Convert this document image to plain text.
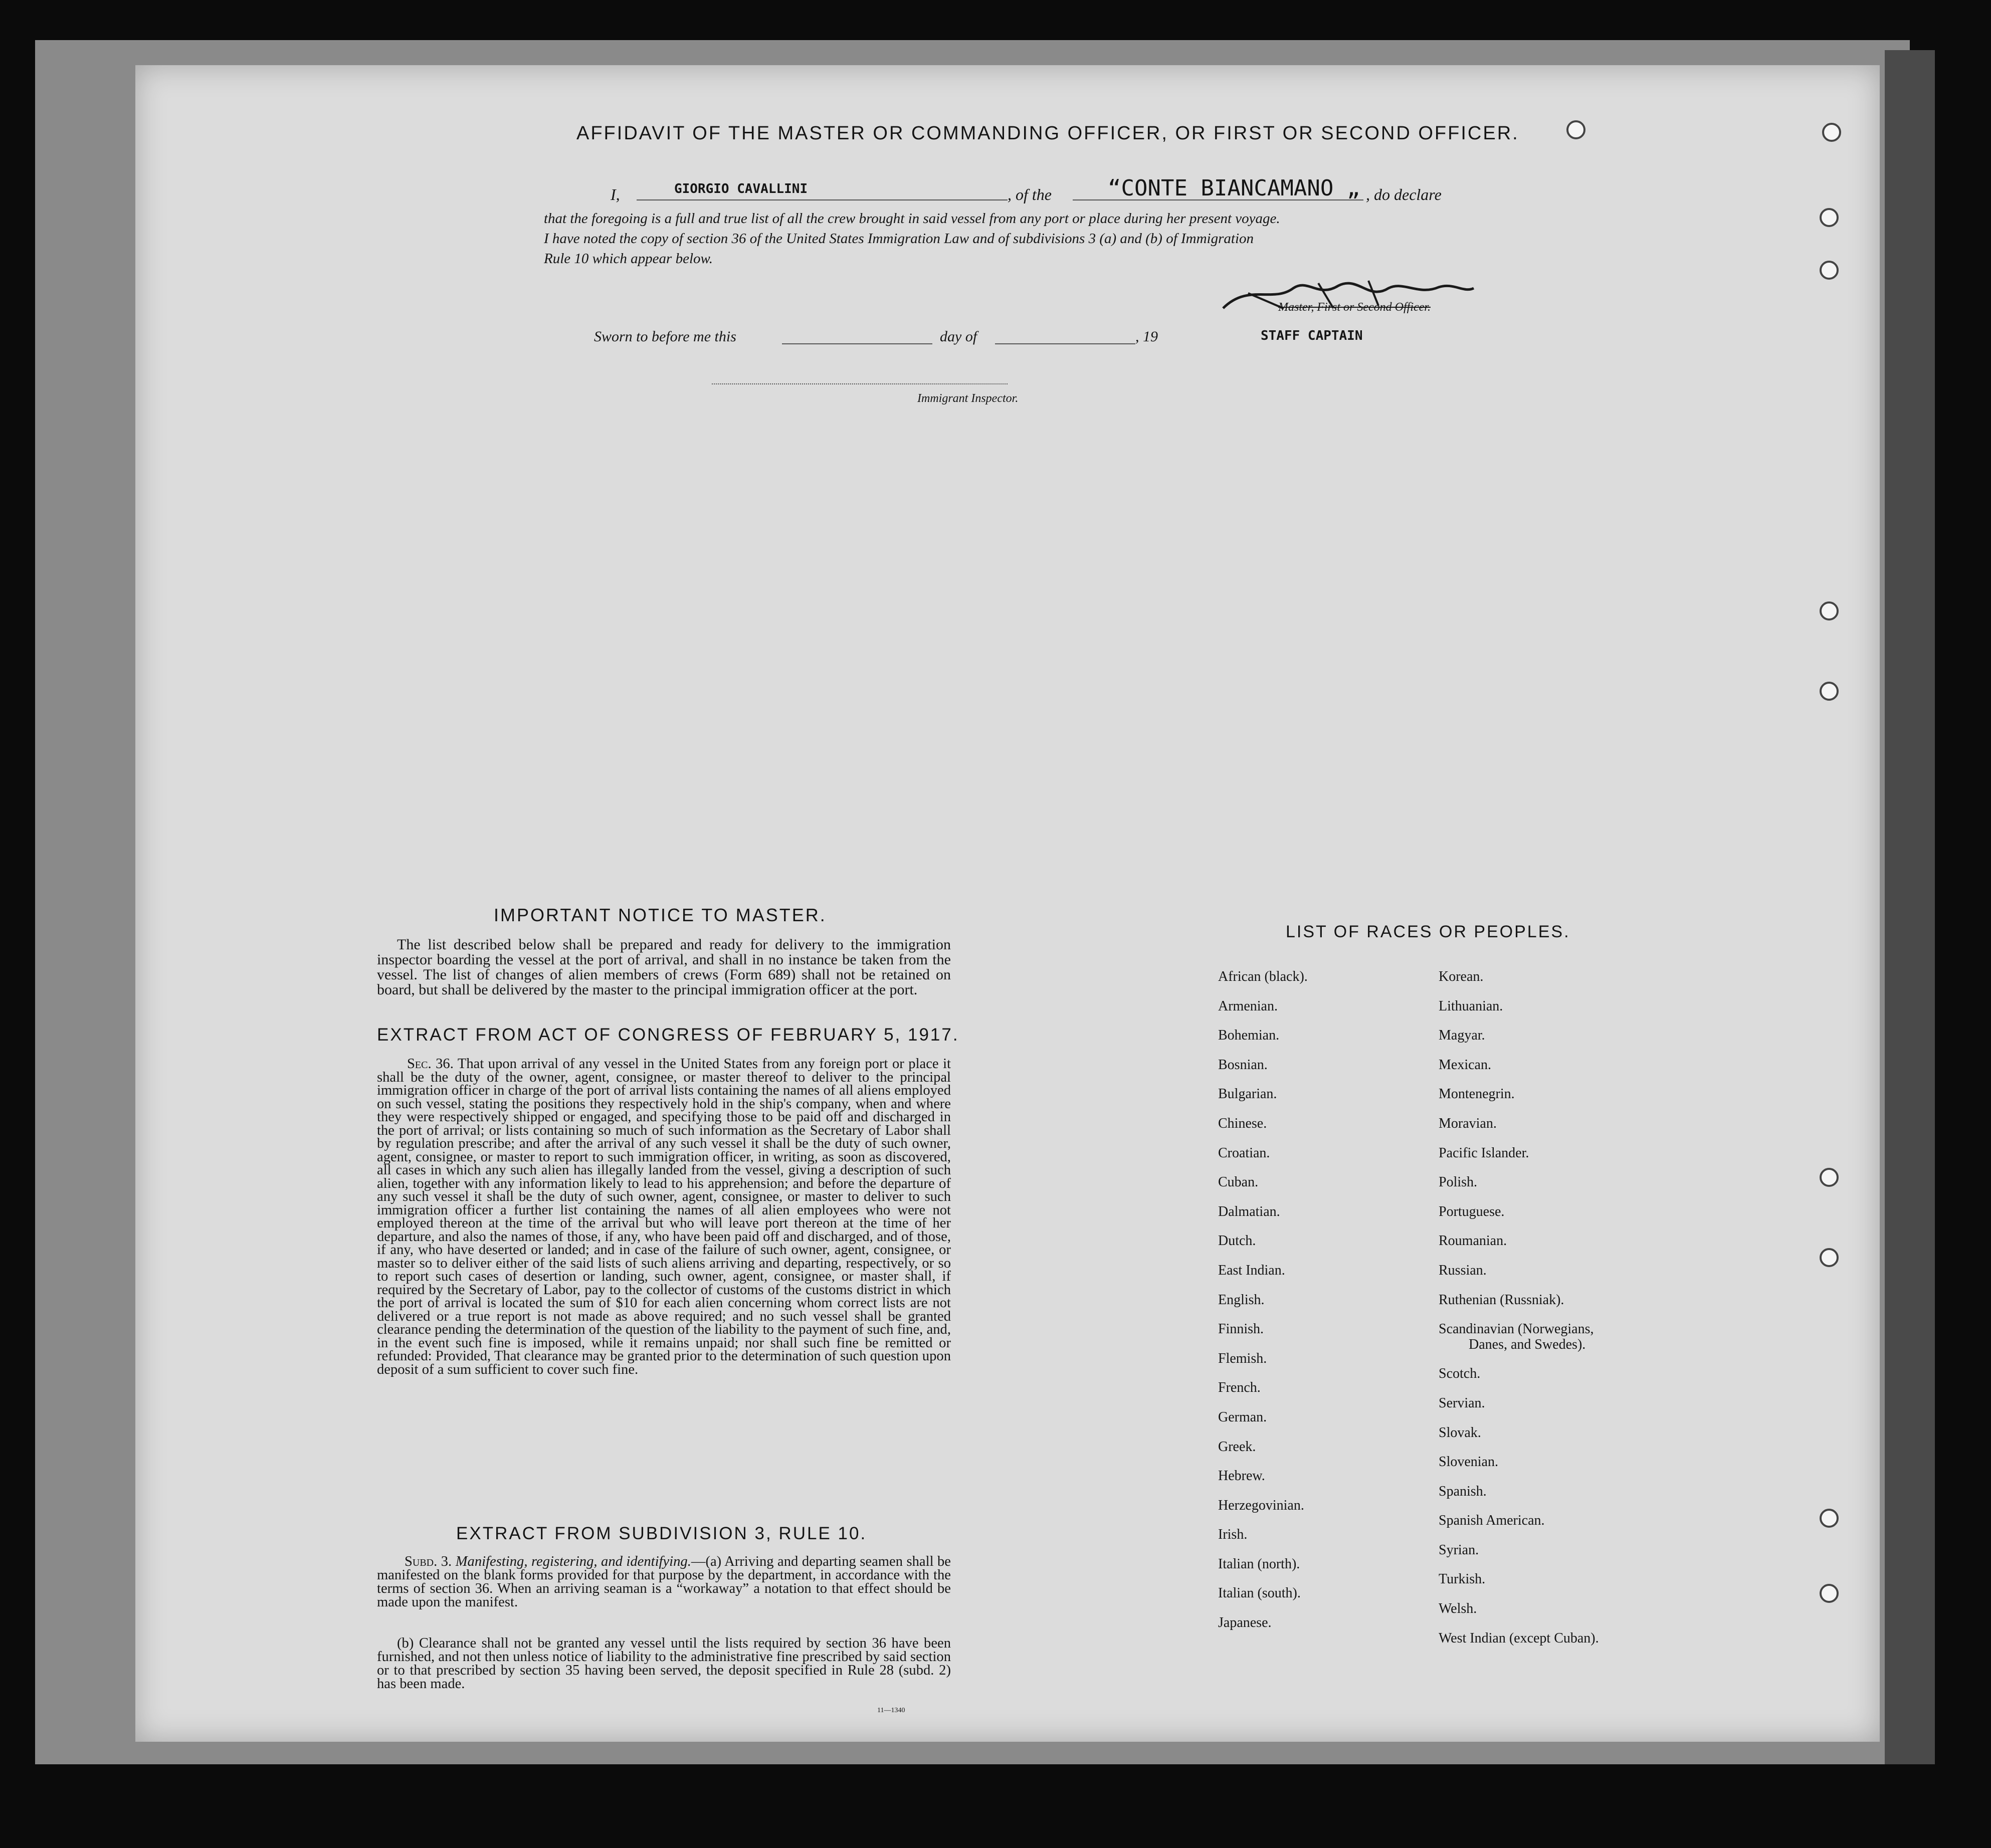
AFFIDAVIT OF THE MASTER OR COMMANDING OFFICER, OR FIRST OR SECOND OFFICER.
I,	GIORGIO CAVALLINI	, of the	“CONTE BIANCAMANO „ , do declare
that the foregoing is a full and true list of all the crew brought in said vessel from any port or place during her present voyage.
I have noted the copy of section 36 of the United States Immigration Law and of subdivisions 3 (a) and (b) of Immigration
Rule 10 which appear below.
Master, First or Second Officer.
STAFF CAPTAIN
Sworn to before me this	day of	, 19
Immigrant Inspector.
IMPORTANT NOTICE TO MASTER.
The list described below shall be prepared and ready for delivery to the immigration inspector boarding the vessel at the port of arrival, and shall in no instance be taken from the vessel. The list of changes of alien members of crews (Form 689) shall not be retained on board, but shall be delivered by the master to the principal immigration officer at the port.
EXTRACT FROM ACT OF CONGRESS OF FEBRUARY 5, 1917.
Sec. 36. That upon arrival of any vessel in the United States from any foreign port or place it shall be the duty of the owner, agent, consignee, or master thereof to deliver to the principal immigration officer in charge of the port of arrival lists containing the names of all aliens employed on such vessel, stating the positions they respectively hold in the ship's company, when and where they were respectively shipped or engaged, and specifying those to be paid off and discharged in the port of arrival; or lists containing so much of such information as the Secretary of Labor shall by regulation prescribe; and after the arrival of any such vessel it shall be the duty of such owner, agent, consignee, or master to report to such immigration officer, in writing, as soon as discovered, all cases in which any such alien has illegally landed from the vessel, giving a description of such alien, together with any information likely to lead to his apprehension; and before the departure of any such vessel it shall be the duty of such owner, agent, consignee, or master to deliver to such immigration officer a further list containing the names of all alien employees who were not employed thereon at the time of the arrival but who will leave port thereon at the time of her departure, and also the names of those, if any, who have been paid off and discharged, and of those, if any, who have deserted or landed; and in case of the failure of such owner, agent, consignee, or master so to deliver either of the said lists of such aliens arriving and departing, respectively, or so to report such cases of desertion or landing, such owner, agent, consignee, or master shall, if required by the Secretary of Labor, pay to the collector of customs of the customs district in which the port of arrival is located the sum of $10 for each alien concerning whom correct lists are not delivered or a true report is not made as above required; and no such vessel shall be granted clearance pending the determination of the question of the liability to the payment of such fine, and, in the event such fine is imposed, while it remains unpaid; nor shall such fine be remitted or refunded: Provided, That clearance may be granted prior to the determination of such question upon deposit of a sum sufficient to cover such fine.
EXTRACT FROM SUBDIVISION 3, RULE 10.
Subd. 3. Manifesting, registering, and identifying.—(a) Arriving and departing seamen shall be manifested on the blank forms provided for that purpose by the department, in accordance with the terms of section 36. When an arriving seaman is a “workaway” a notation to that effect should be made upon the manifest.
(b) Clearance shall not be granted any vessel until the lists required by section 36 have been furnished, and not then unless notice of liability to the administrative fine prescribed by said section or to that prescribed by section 35 having been served, the deposit specified in Rule 28 (subd. 2) has been made.
11—1340
LIST OF RACES OR PEOPLES.
African (black).
Armenian.
Bohemian.
Bosnian.
Bulgarian.
Chinese.
Croatian.
Cuban.
Dalmatian.
Dutch.
East Indian.
English.
Finnish.
Flemish.
French.
German.
Greek.
Hebrew.
Herzegovinian.
Irish.
Italian (north).
Italian (south).
Japanese.
Korean.
Lithuanian.
Magyar.
Mexican.
Montenegrin.
Moravian.
Pacific Islander.
Polish.
Portuguese.
Roumanian.
Russian.
Ruthenian (Russniak).
Scandinavian (Norwegians,
Danes, and Swedes).
Scotch.
Servian.
Slovak.
Slovenian.
Spanish.
Spanish American.
Syrian.
Turkish.
Welsh.
West Indian (except Cuban).
